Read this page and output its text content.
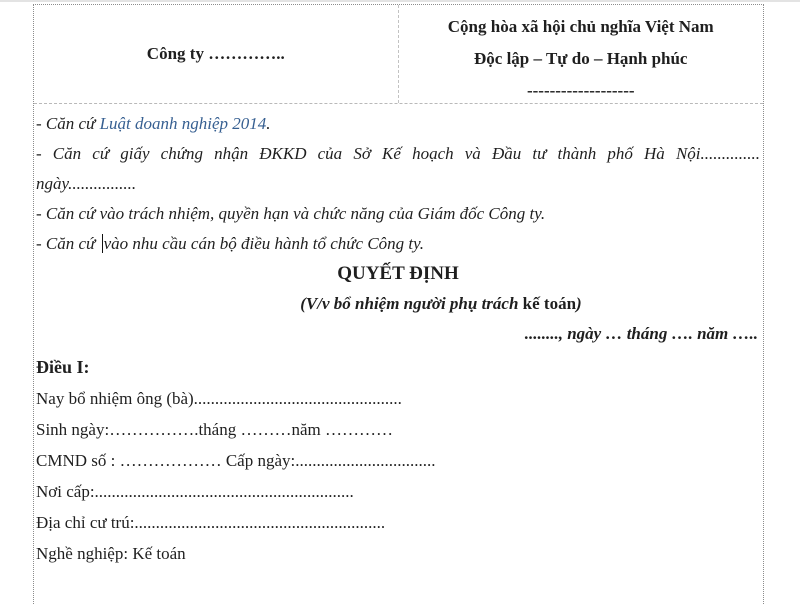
Công ty …………..
Cộng hòa xã hội chủ nghĩa Việt Nam
Độc lập – Tự do – Hạnh phúc
-------------------

- Căn cứ Luật doanh nghiệp 2014.

- Căn cứ giấy chứng nhận ĐKKD của Sở Kế hoạch và Đầu tư thành phố Hà Nội..............

ngày................

- Căn cứ vào trách nhiệm, quyền hạn và chức năng của Giám đốc Công ty.

- Căn cứ vào nhu cầu cán bộ điều hành tổ chức Công ty.

QUYẾT ĐỊNH

(V/v bổ nhiệm người phụ trách kế toán)

........, ngày … tháng …. năm …..

Điều I:

Nay bổ nhiệm ông (bà).................................................

Sinh ngày:…………….tháng ………năm …………

CMND số : ……………… Cấp ngày:.................................

Nơi cấp:.............................................................

Địa chỉ cư trú:...........................................................

Nghề nghiệp: Kế toán
